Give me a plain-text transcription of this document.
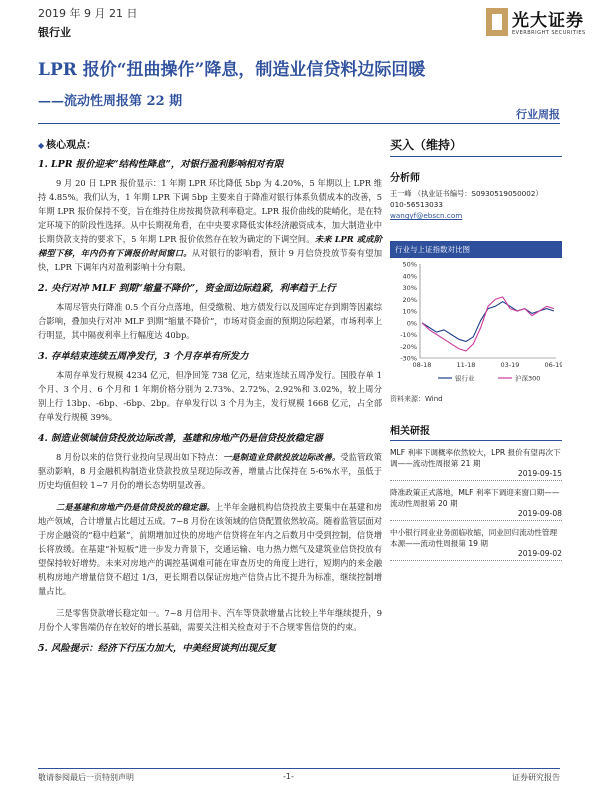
2019 年 9 月 21 日
银行业
光大证券
EVERBRIGHT SECURITIES
LPR 报价“扭曲操作”降息，制造业信贷料边际回暖
——流动性周报第 22 期
行业周报
◆ 核心观点：
1. LPR 报价迎来“结构性降息”，对银行盈利影响相对有限
9 月 20 日 LPR 报价显示：1 年期 LPR 环比降低 5bp 为 4.20%，5 年期以上 LPR 维持 4.85%。我们认为，1 年期 LPR 下调 5bp 主要来自于降准对银行体系负债成本的改善，5 年期 LPR 报价保持不变，旨在维持住房按揭贷款利率稳定。LPR 报价曲线的陡峭化，是在特定环境下的阶段性选择。从中长期视角看，在中央要求降低实体经济融资成本，加大制造业中长期贷款支持的要求下，5 年期 LPR 报价依然存在较为确定的下调空间。未来 LPR 或成阶梯型下移，年内仍有下调报价时间窗口。从对银行的影响看，预计 9 月信贷投放节奏有望加快，LPR 下调年内对盈利影响十分有限。
2. 央行对冲 MLF 到期“缩量不降价”，资金面边际趋紧，利率趋于上行
本周尽管央行降准 0.5 个百分点落地，但受缴税、地方债发行以及国库定存到期等因素综合影响，叠加央行对冲 MLF 到期“缩量不降价”，市场对资金面的预期边际趋紧，市场利率上行明显，其中隔夜利率上行幅度达 40bp。
3. 存单结束连续五周净发行，3 个月存单有所发力
本周存单发行规模 4234 亿元，但净回笼 738 亿元，结束连续五周净发行。国股存单 1 个月、3 个月、6 个月和 1 年期价格分别为 2.73%、2.72%、2.92%和 3.02%，较上周分别上行 13bp、-6bp、-6bp、2bp。存单发行以 3 个月为主，发行规模 1668 亿元，占全部存单发行规模 39%。
4. 制造业领域信贷投放边际改善，基建和房地产仍是信贷投放稳定器
8 月份以来的信贷行业投向呈现出如下特点：一是制造业贷款投放边际改善。受监管政策驱动影响，8 月金融机构制造业贷款投放呈现边际改善，增量占比保持在 5-6%水平，虽低于历史均值但较 1~7 月份的增长态势明显改善。
二是基建和房地产仍是信贷投放的稳定器。上半年金融机构信贷投放主要集中在基建和房地产领域，合计增量占比超过五成。7~8 月份在该领域的信贷配置依然较高。随着监管层面对于房企融资的“稳中趋紧”，前期增加过快的房地产信贷将在年内之后数月中受到控制，信贷增长将放缓。在基建“补短板”进一步发力背景下，交通运输、电力热力燃气及建筑业信贷投放有望保持较好增势。未来对房地产的调控基调难可能在审查历史的角度上进行，短期内的来金融机构房地产增量信贷不超过 1/3，更长期看以保证房地产信贷占比不提升为标准，继续控制增量占比。
三是零售贷款增长稳定如一。7~8 月信用卡、汽车等贷款增量占比较上半年继续提升，9 月份个人零售端仍存在较好的增长基础，需要关注相关检查对于不合规零售信贷的约束。
5. 风险提示：经济下行压力加大，中美经贸谈判出现反复
买入（维持）
分析师
王一峰 （执业证书编号：S0930519050002）
010-56513033
wangyf@ebscn.com
行业与上证指数对比图
50%
40%
30%
20%
10%
0%
-10%
-20%
-30%
08-18	11-18	03-19	06-19
银行业	沪深300
资料来源：Wind
相关研报
MLF 利率下调概率依然较大，LPR 报价有望再次下调——流动性周报第 21 期
2019-09-15
降准政策正式落地，MLF 利率下调迎来窗口期——流动性周报第 20 期
2019-09-08
中小银行同业业务面临收缩，同业回归流动性管理本源——流动性周报第 19 期
2019-09-02
敬请参阅最后一页特别声明	-1-	证券研究报告
